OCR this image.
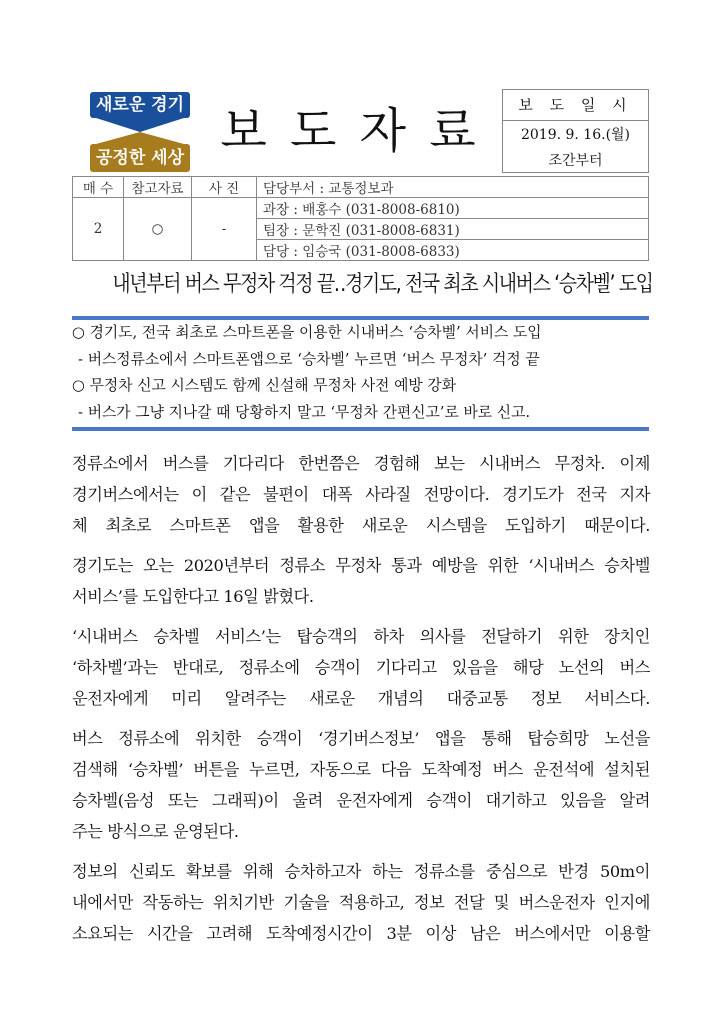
새로운 경기
공정한 세상 보 도 자 료	보 도 일 시
2019. 9. 16.(월)
조간부터
매 수	참고자료	사 진	담당부서 : 교통정보과
2	○	-	과장 : 배홍수 (031-8008-6810)
			팀장 : 문학진 (031-8008-6831)
			담당 : 임승국 (031-8008-6833)
내년부터 버스 무정차 걱정 끝‥경기도, 전국 최초 시내버스 ‘승차벨’ 도입
○ 경기도, 전국 최초로 스마트폰을 이용한 시내버스 ‘승차벨’ 서비스 도입
- 버스정류소에서 스마트폰앱으로 ‘승차벨’ 누르면 ‘버스 무정차’ 걱정 끝
○ 무정차 신고 시스템도 함께 신설해 무정차 사전 예방 강화
- 버스가 그냥 지나갈 때 당황하지 말고 ‘무정차 간편신고’로 바로 신고.
정류소에서 버스를 기다리다 한번쯤은 경험해 보는 시내버스 무정차. 이제
경기버스에서는 이 같은 불편이 대폭 사라질 전망이다. 경기도가 전국 지자
체 최초로 스마트폰 앱을 활용한 새로운 시스템을 도입하기 때문이다.
경기도는 오는 2020년부터 정류소 무정차 통과 예방을 위한 ‘시내버스 승차벨
서비스’를 도입한다고 16일 밝혔다.
‘시내버스 승차벨 서비스’는 탑승객의 하차 의사를 전달하기 위한 장치인
‘하차벨’과는 반대로, 정류소에 승객이 기다리고 있음을 해당 노선의 버스
운전자에게 미리 알려주는 새로운 개념의 대중교통 정보 서비스다.
버스 정류소에 위치한 승객이 ‘경기버스정보’ 앱을 통해 탑승희망 노선을
검색해 ‘승차벨’ 버튼을 누르면, 자동으로 다음 도착예정 버스 운전석에 설치된
승차벨(음성 또는 그래픽)이 울려 운전자에게 승객이 대기하고 있음을 알려
주는 방식으로 운영된다.
정보의 신뢰도 확보를 위해 승차하고자 하는 정류소를 중심으로 반경 50m이
내에서만 작동하는 위치기반 기술을 적용하고, 정보 전달 및 버스운전자 인지에
소요되는 시간을 고려해 도착예정시간이 3분 이상 남은 버스에서만 이용할
